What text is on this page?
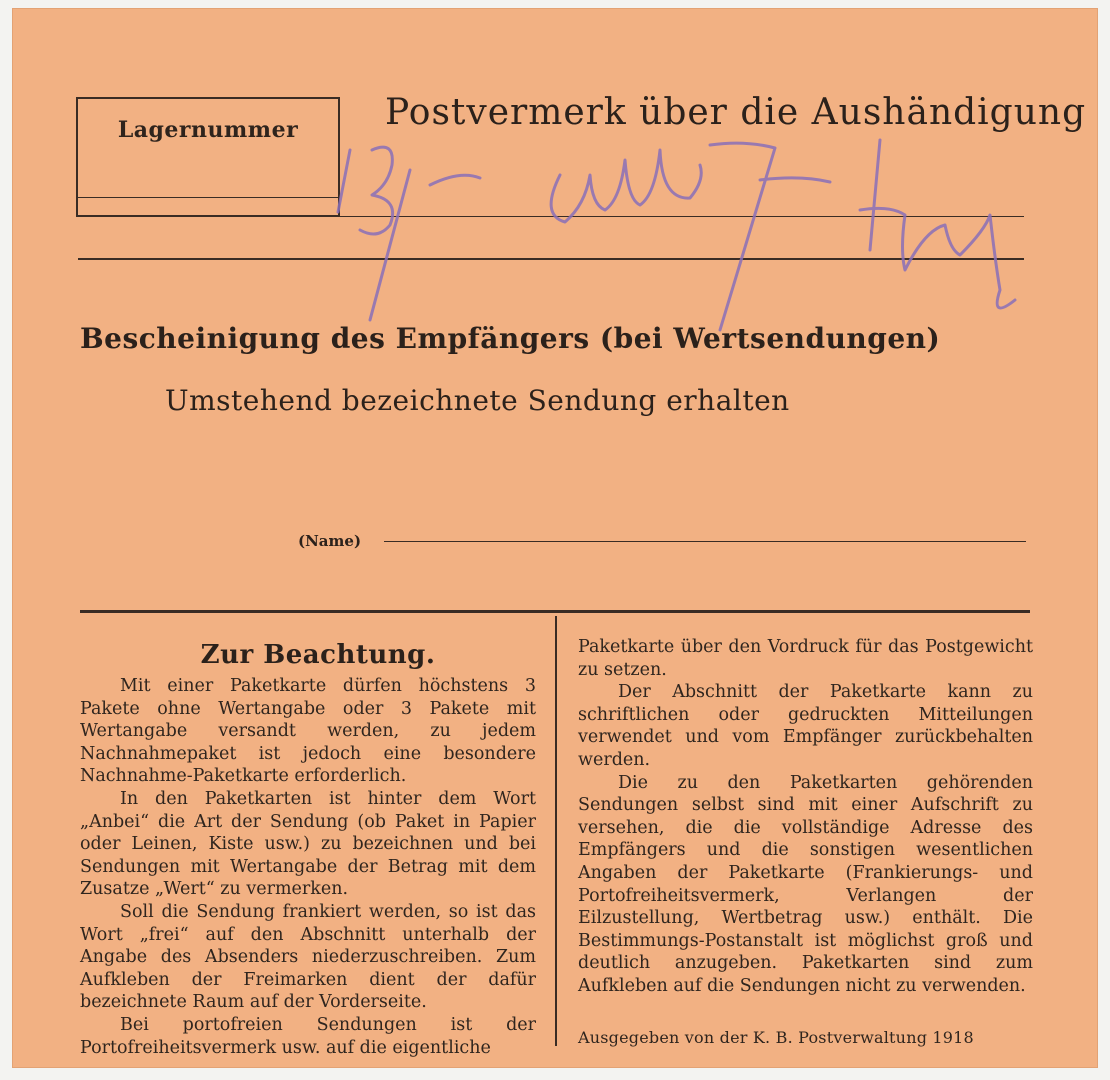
Lagernummer	Postvermerk über die Aushändigung
Bescheinigung des Empfängers (bei Wertsendungen)
Umstehend bezeichnete Sendung erhalten
(Name)
Zur Beachtung.

Mit einer Paketkarte dürfen höchstens 3 Pakete ohne Wertangabe oder 3 Pakete mit Wertangabe versandt werden, zu jedem Nachnahmepaket ist jedoch eine besondere Nachnahme-Paketkarte erforderlich.

In den Paketkarten ist hinter dem Wort „Anbei“ die Art der Sendung (ob Paket in Papier oder Leinen, Kiste usw.) zu bezeichnen und bei Sendungen mit Wertangabe der Betrag mit dem Zusatze „Wert“ zu vermerken.

Soll die Sendung frankiert werden, so ist das Wort „frei“ auf den Abschnitt unterhalb der Angabe des Absenders niederzuschreiben. Zum Aufkleben der Freimarken dient der dafür bezeichnete Raum auf der Vorderseite.

Bei portofreien Sendungen ist der Portofreiheitsvermerk usw. auf die eigentliche

Paketkarte über den Vordruck für das Postgewicht zu setzen.

Der Abschnitt der Paketkarte kann zu schriftlichen oder gedruckten Mitteilungen verwendet und vom Empfänger zurückbehalten werden.

Die zu den Paketkarten gehörenden Sendungen selbst sind mit einer Aufschrift zu versehen, die die vollständige Adresse des Empfängers und die sonstigen wesentlichen Angaben der Paketkarte (Frankierungs- und Portofreiheitsvermerk, Verlangen der Eilzustellung, Wertbetrag usw.) enthält. Die Bestimmungs-Postanstalt ist möglichst groß und deutlich anzugeben. Paketkarten sind zum Aufkleben auf die Sendungen nicht zu verwenden.

Ausgegeben von der K. B. Postverwaltung 1918
